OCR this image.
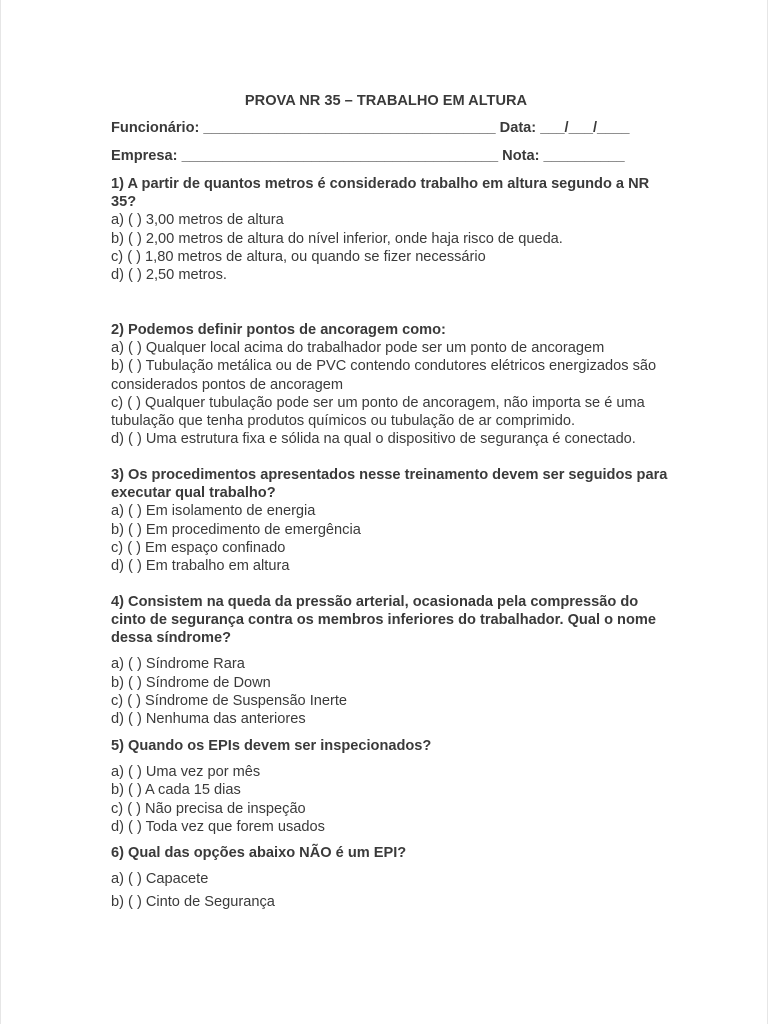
PROVA NR 35 – TRABALHO EM ALTURA
Funcionário: ____________________________________ Data: ___/___/____
Empresa: _______________________________________ Nota: __________
1) A partir de quantos metros é considerado trabalho em altura segundo a NR 35?
a) ( ) 3,00 metros de altura
b) ( ) 2,00 metros de altura do nível inferior, onde haja risco de queda.
c) ( ) 1,80 metros de altura, ou quando se fizer necessário
d) ( ) 2,50 metros.
2) Podemos definir pontos de ancoragem como:
a) ( ) Qualquer local acima do trabalhador pode ser um ponto de ancoragem
b) ( ) Tubulação metálica ou de PVC contendo condutores elétricos energizados são considerados pontos de ancoragem
c) ( ) Qualquer tubulação pode ser um ponto de ancoragem, não importa se é uma tubulação que tenha produtos químicos ou tubulação de ar comprimido.
d) ( ) Uma estrutura fixa e sólida na qual o dispositivo de segurança é conectado.
3) Os procedimentos apresentados nesse treinamento devem ser seguidos para executar qual trabalho?
a) ( ) Em isolamento de energia
b) ( ) Em procedimento de emergência
c) ( ) Em espaço confinado
d) ( ) Em trabalho em altura
4) Consistem na queda da pressão arterial, ocasionada pela compressão do cinto de segurança contra os membros inferiores do trabalhador. Qual o nome dessa síndrome?
a) ( ) Síndrome Rara
b) ( ) Síndrome de Down
c) ( ) Síndrome de Suspensão Inerte
d) ( ) Nenhuma das anteriores
5) Quando os EPIs devem ser inspecionados?
a) ( ) Uma vez por mês
b) ( ) A cada 15 dias
c) ( ) Não precisa de inspeção
d) ( ) Toda vez que forem usados
6) Qual das opções abaixo NÃO é um EPI?
a) ( ) Capacete
b) ( ) Cinto de Segurança
